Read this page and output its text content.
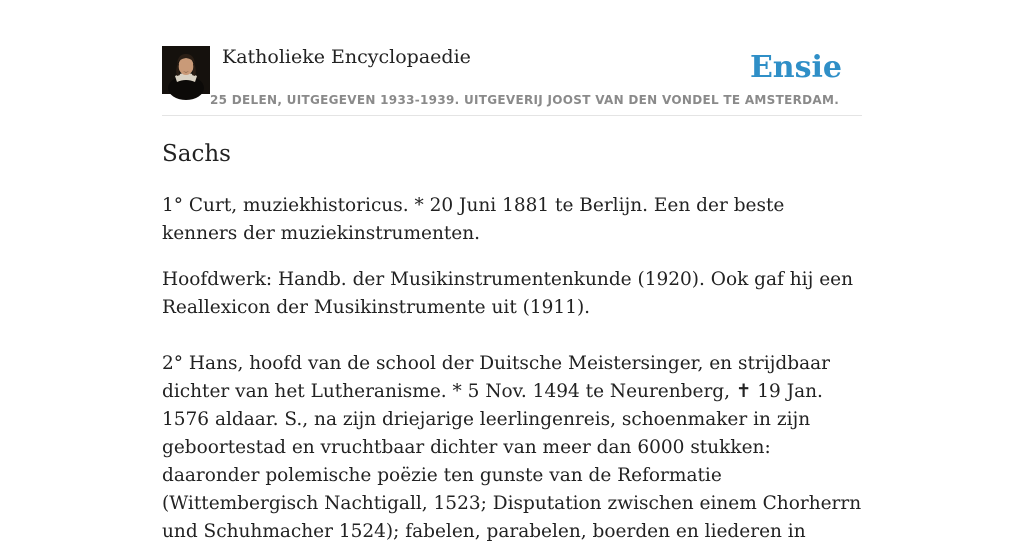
Katholieke Encyclopaedie
25 DELEN, UITGEGEVEN 1933-1939. UITGEVERIJ JOOST VAN DEN VONDEL TE AMSTERDAM.
Ensie
Sachs

1° Curt, muziekhistoricus. * 20 Juni 1881 te Berlijn. Een der beste kenners der muziekinstrumenten.

Hoofdwerk: Handb. der Musikinstrumentenkunde (1920). Ook gaf hij een Reallexicon der Musikinstrumente uit (1911).

2° Hans, hoofd van de school der Duitsche Meistersinger, en strijdbaar dichter van het Lutheranisme. * 5 Nov. 1494 te Neurenberg, ✝ 19 Jan. 1576 aldaar. S., na zijn driejarige leerlingenreis, schoenmaker in zijn geboortestad en vruchtbaar dichter van meer dan 6000 stukken: daaronder polemische poëzie ten gunste van de Reformatie (Wittembergisch Nachtigall, 1523; Disputation zwischen einem Chorherrn und Schuhmacher 1524); fabelen, parabelen, boerden en liederen in
